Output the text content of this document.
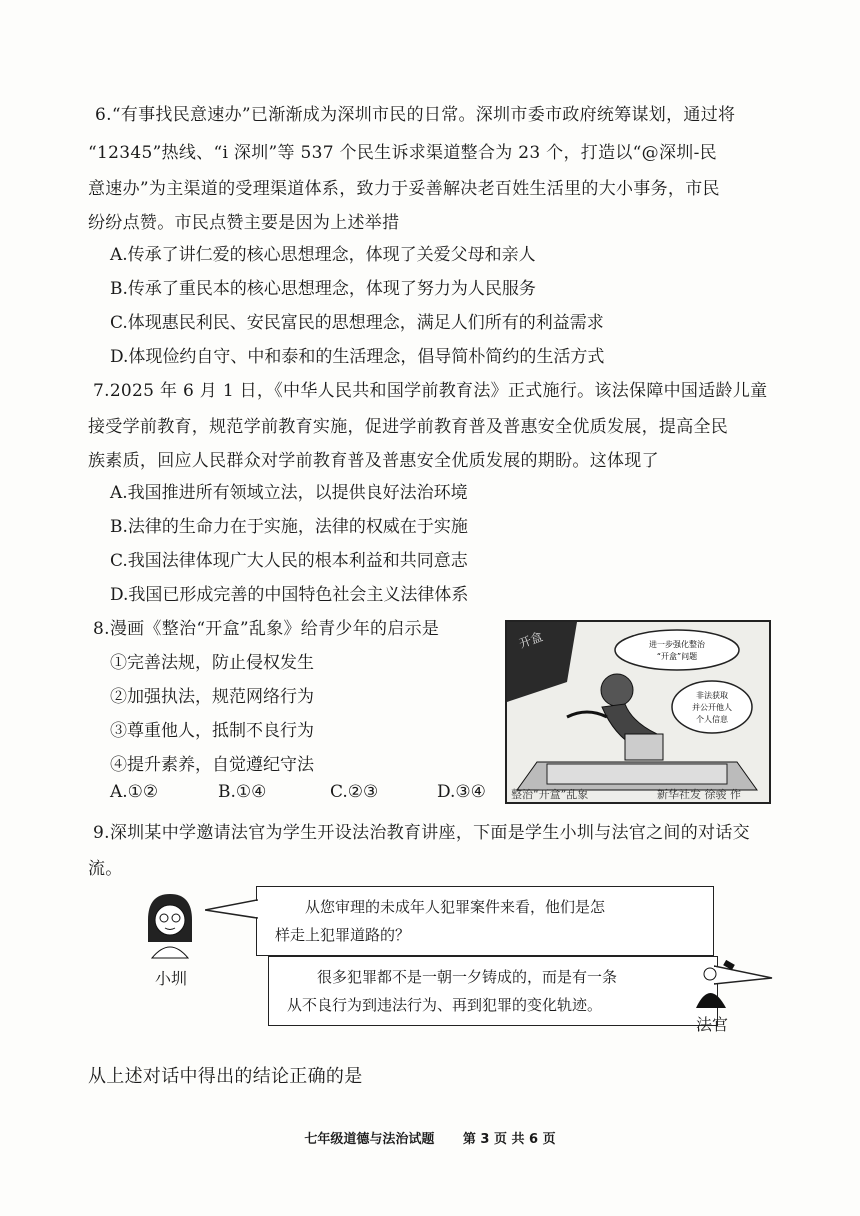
6.“有事找民意速办”已渐渐成为深圳市民的日常。深圳市委市政府统筹谋划，通过将
“12345”热线、“i 深圳”等 537 个民生诉求渠道整合为 23 个，打造以“@深圳-民
意速办”为主渠道的受理渠道体系，致力于妥善解决老百姓生活里的大小事务，市民
纷纷点赞。市民点赞主要是因为上述举措
A.传承了讲仁爱的核心思想理念，体现了关爱父母和亲人
B.传承了重民本的核心思想理念，体现了努力为人民服务
C.体现惠民利民、安民富民的思想理念，满足人们所有的利益需求
D.体现俭约自守、中和泰和的生活理念，倡导简朴简约的生活方式
7.2025 年 6 月 1 日，《中华人民共和国学前教育法》正式施行。该法保障中国适龄儿童
接受学前教育，规范学前教育实施，促进学前教育普及普惠安全优质发展，提高全民
族素质，回应人民群众对学前教育普及普惠安全优质发展的期盼。这体现了
A.我国推进所有领域立法，以提供良好法治环境
B.法律的生命力在于实施，法律的权威在于实施
C.我国法律体现广大人民的根本利益和共同意志
D.我国已形成完善的中国特色社会主义法律体系
8.漫画《整治“开盒”乱象》给青少年的启示是
①完善法规，防止侵权发生
②加强执法，规范网络行为
③尊重他人，抵制不良行为
④提升素养，自觉遵纪守法
A.①②	B.①④	C.②③	D.③④
开盒	进一步强化整治
“开盒”问题
非法获取
并公开他人
个人信息
整治“开盒”乱象	新华社发 徐骏 作
9.深圳某中学邀请法官为学生开设法治教育讲座，下面是学生小圳与法官之间的对话交
流。
小圳
从您审理的未成年人犯罪案件来看，他们是怎
样走上犯罪道路的？
很多犯罪都不是一朝一夕铸成的，而是有一条
从不良行为到违法行为、再到犯罪的变化轨迹。
法官
从上述对话中得出的结论正确的是
七年级道德与法治试题 第 3 页 共 6 页
